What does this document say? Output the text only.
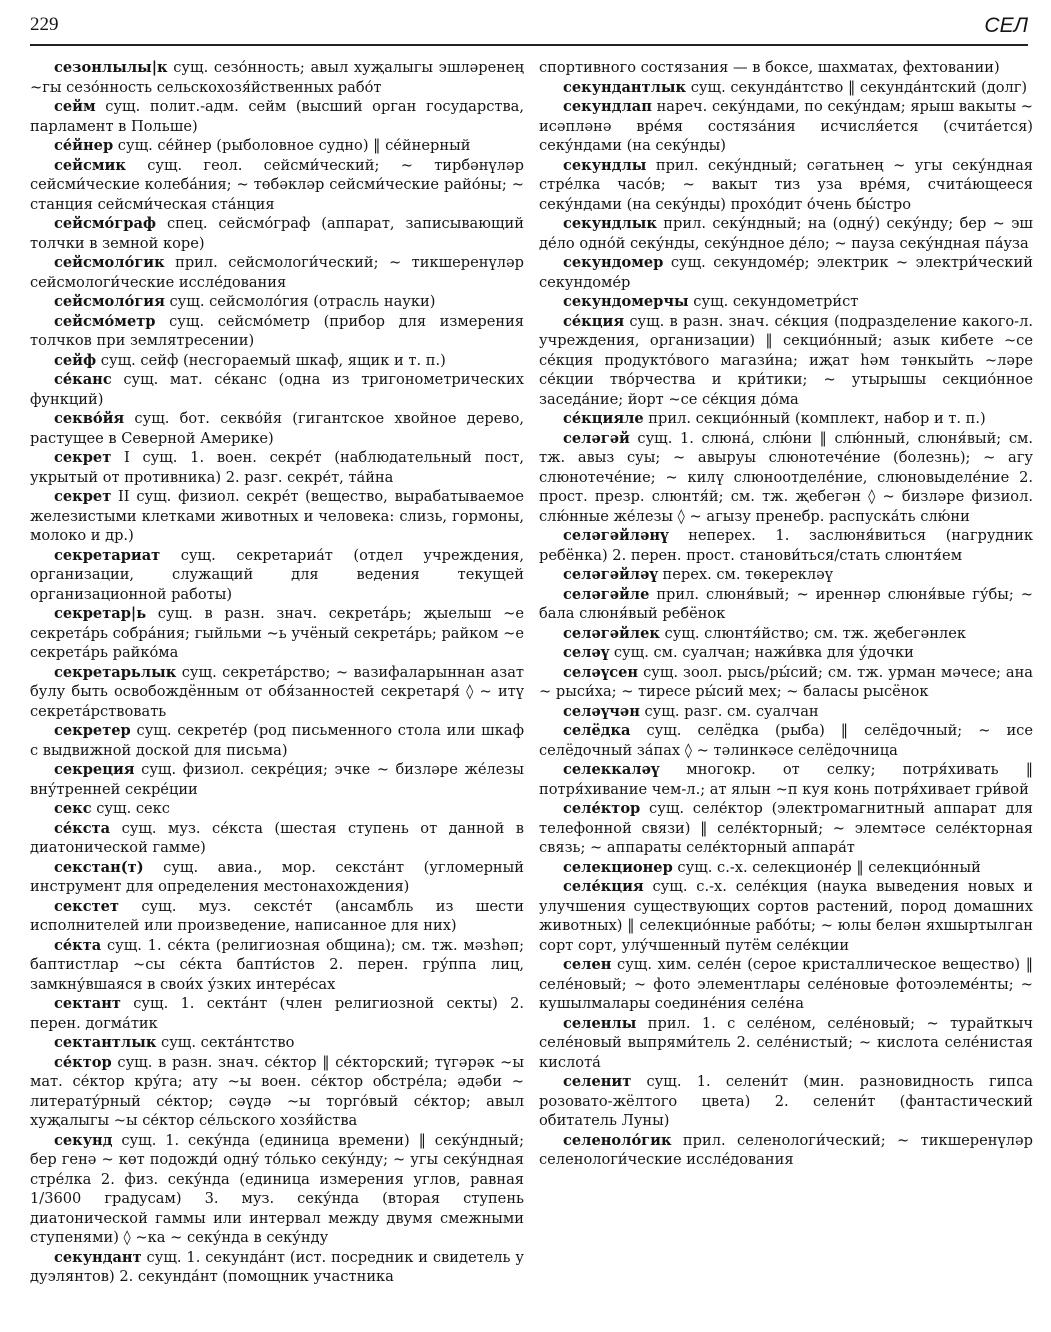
229	СЕЛ

сезонлылы|к сущ. сезо́нность; авыл хуҗалыгы эшләренең ~гы сезо́нность сельскохозя́йственных рабо́т

сейм сущ. полит.-адм. сейм (высший орган государства, парламент в Польше)

се́йнер сущ. се́йнер (рыболовное судно) ‖ се́йнерный

сейсмик сущ. геол. сейсми́ческий; ~ тирбәнүләр сейсми́ческие колеба́ния; ~ төбәкләр сейсми́ческие райо́ны; ~ станция сейсми́ческая ста́нция

сейсмо́граф спец. сейсмо́граф (аппарат, записывающий толчки в земной коре)

сейсмоло́гик прил. сейсмологи́ческий; ~ тикшеренүләр сейсмологи́ческие иссле́дования

сейсмоло́гия сущ. сейсмоло́гия (отрасль науки)

сейсмо́метр сущ. сейсмо́метр (прибор для измерения толчков при землятресении)

сейф сущ. сейф (несгораемый шкаф, ящик и т. п.)

се́канс сущ. мат. се́канс (одна из тригонометрических функций)

секво́йя сущ. бот. секво́йя (гигантское хвойное дерево, растущее в Северной Америке)

секрет I сущ. 1. воен. секре́т (наблюдательный пост, укрытый от противника) 2. разг. секре́т, та́йна

секрет II сущ. физиол. секре́т (вещество, вырабатываемое железистыми клетками животных и человека: слизь, гормоны, молоко и др.)

секретариат сущ. секретариа́т (отдел учреждения, организации, служащий для ведения текущей организационной работы)

секретар|ь сущ. в разн. знач. секрета́рь; җыелыш ~е секрета́рь собра́ния; гыйльми ~ь учёный секрета́рь; райком ~е секрета́рь райко́ма

секретарьлык сущ. секрета́рство; ~ вазифаларыннан азат булу быть освобождённым от обя́занностей секретаря́ ◊ ~ итү секрета́рствовать

секретер сущ. секрете́р (род письменного стола или шкаф с выдвижной доской для письма)

секреция сущ. физиол. секре́ция; эчке ~ бизләре же́лезы вну́тренней секре́ции

секс сущ. секс

се́кста сущ. муз. се́кста (шестая ступень от данной в диатонической гамме)

секстан(т) сущ. авиа., мор. секста́нт (угломерный инструмент для определения местонахождения)

секстет сущ. муз. сексте́т (ансамбль из шести исполнителей или произведение, написанное для них)

се́кта сущ. 1. се́кта (религиозная община); см. тж. мәзһәп; баптистлар ~сы се́кта бапти́стов 2. перен. гру́ппа лиц, замкну́вшаяся в свои́х у́зких интере́сах

сектант сущ. 1. секта́нт (член религиозной секты) 2. перен. догма́тик

сектантлык сущ. секта́нтство

се́ктор сущ. в разн. знач. се́ктор ‖ се́кторский; түгәрәк ~ы мат. се́ктор кру́га; ату ~ы воен. се́ктор обстре́ла; әдәби ~ литерату́рный се́ктор; сәүдә ~ы торго́вый се́ктор; авыл хуҗалыгы ~ы се́ктор се́льского хозя́йства

секунд сущ. 1. секу́нда (единица времени) ‖ секу́ндный; бер генә ~ көт подожди́ одну́ то́лько секу́нду; ~ угы секу́ндная стре́лка 2. физ. секу́нда (единица измерения углов, равная 1/3600 градусам) 3. муз. секу́нда (вторая ступень диатонической гаммы или интервал между двумя смежными ступенями) ◊ ~ка ~ секу́нда в секу́нду

секундант сущ. 1. секунда́нт (ист. посредник и свидетель у дуэлянтов) 2. секунда́нт (помощник участника

спортивного состязания — в боксе, шахматах, фехтовании)

секундантлык сущ. секунда́нтство ‖ секунда́нтский (долг)

секундлап нареч. секу́ндами, по секу́ндам; ярыш вакыты ~ исәпләнә вре́мя состяза́ния исчисля́ется (счита́ется) секу́ндами (на секу́нды)

секундлы прил. секу́ндный; сәгатьнең ~ угы секу́ндная стре́лка часо́в; ~ вакыт тиз уза вре́мя, счита́ющееся секу́ндами (на секу́нды) прохо́дит о́чень бы́стро

секундлык прил. секу́ндный; на (одну́) секу́нду; бер ~ эш де́ло одно́й секу́нды, секу́ндное де́ло; ~ пауза секу́ндная па́уза

секундомер сущ. секундоме́р; электрик ~ электри́ческий секундоме́р

секундомерчы сущ. секундометри́ст

се́кция сущ. в разн. знач. се́кция (подразделение какого-л. учреждения, организации) ‖ секцио́нный; азык кибете ~се се́кция продукто́вого магази́на; иҗат һәм тәнкыйть ~ләре се́кции тво́рчества и кри́тики; ~ утырышы секцио́нное заседа́ние; йорт ~се се́кция до́ма

се́кцияле прил. секцио́нный (комплект, набор и т. п.)

селәгәй сущ. 1. слюна́, слю́ни ‖ слю́нный, слюня́вый; см. тж. авыз суы; ~ авыруы слюнотече́ние (болезнь); ~ агу слюнотече́ние; ~ килү слюноотделе́ние, слюновыделе́ние 2. прост. презр. слюнтя́й; см. тж. җебегән ◊ ~ бизләре физиол. слю́нные же́лезы ◊ ~ агызу пренебр. распуска́ть слю́ни

селәгәйләнү неперех. 1. заслюня́виться (нагрудник ребёнка) 2. перен. прост. станови́ться/стать слюнтя́ем

селәгәйләү перех. см. төкерекләү

селәгәйле прил. слюня́вый; ~ иреннәр слюня́вые гу́бы; ~ бала слюня́вый ребёнок

селәгәйлек сущ. слюнтя́йство; см. тж. җебегәнлек

селәү сущ. см. суалчан; нажи́вка для у́дочки

селәүсен сущ. зоол. рысь/ры́сий; см. тж. урман мәчесе; ана ~ рыси́ха; ~ тиресе ры́сий мех; ~ баласы рысёнок

селәүчән сущ. разг. см. суалчан

селёдка сущ. селёдка (рыба) ‖ селёдочный; ~ исе селёдочный за́пах ◊ ~ тәлинкәсе селёдочница

селеккаләү многокр. от селку; потря́хивать ‖ потря́хивание чем-л.; ат ялын ~п куя конь потря́хивает гри́вой

селе́ктор сущ. селе́ктор (электромагнитный аппарат для телефонной связи) ‖ селе́кторный; ~ элемтәсе селе́кторная связь; ~ аппараты селе́кторный аппара́т

селекционер сущ. с.-х. селекционе́р ‖ селекцио́нный

селе́кция сущ. с.-х. селе́кция (наука выведения новых и улучшения существующих сортов растений, пород домашних животных) ‖ селекцио́нные рабо́ты; ~ юлы белән яхшыртылган сорт сорт, улу́чшенный путём селе́кции

селен сущ. хим. селе́н (серое кристаллическое вещество) ‖ селе́новый; ~ фото элементлары селе́новые фотоэлеме́нты; ~ кушылмалары соедине́ния селе́на

селенлы прил. 1. с селе́ном, селе́новый; ~ турайткыч селе́новый выпрями́тель 2. селе́нистый; ~ кислота селе́нистая кислота́

селенит сущ. 1. селени́т (мин. разновидность гипса розовато-жёлтого цвета) 2. селени́т (фантастический обитатель Луны)

селеноло́гик прил. селенологи́ческий; ~ тикшеренүләр селенологи́ческие иссле́дования
